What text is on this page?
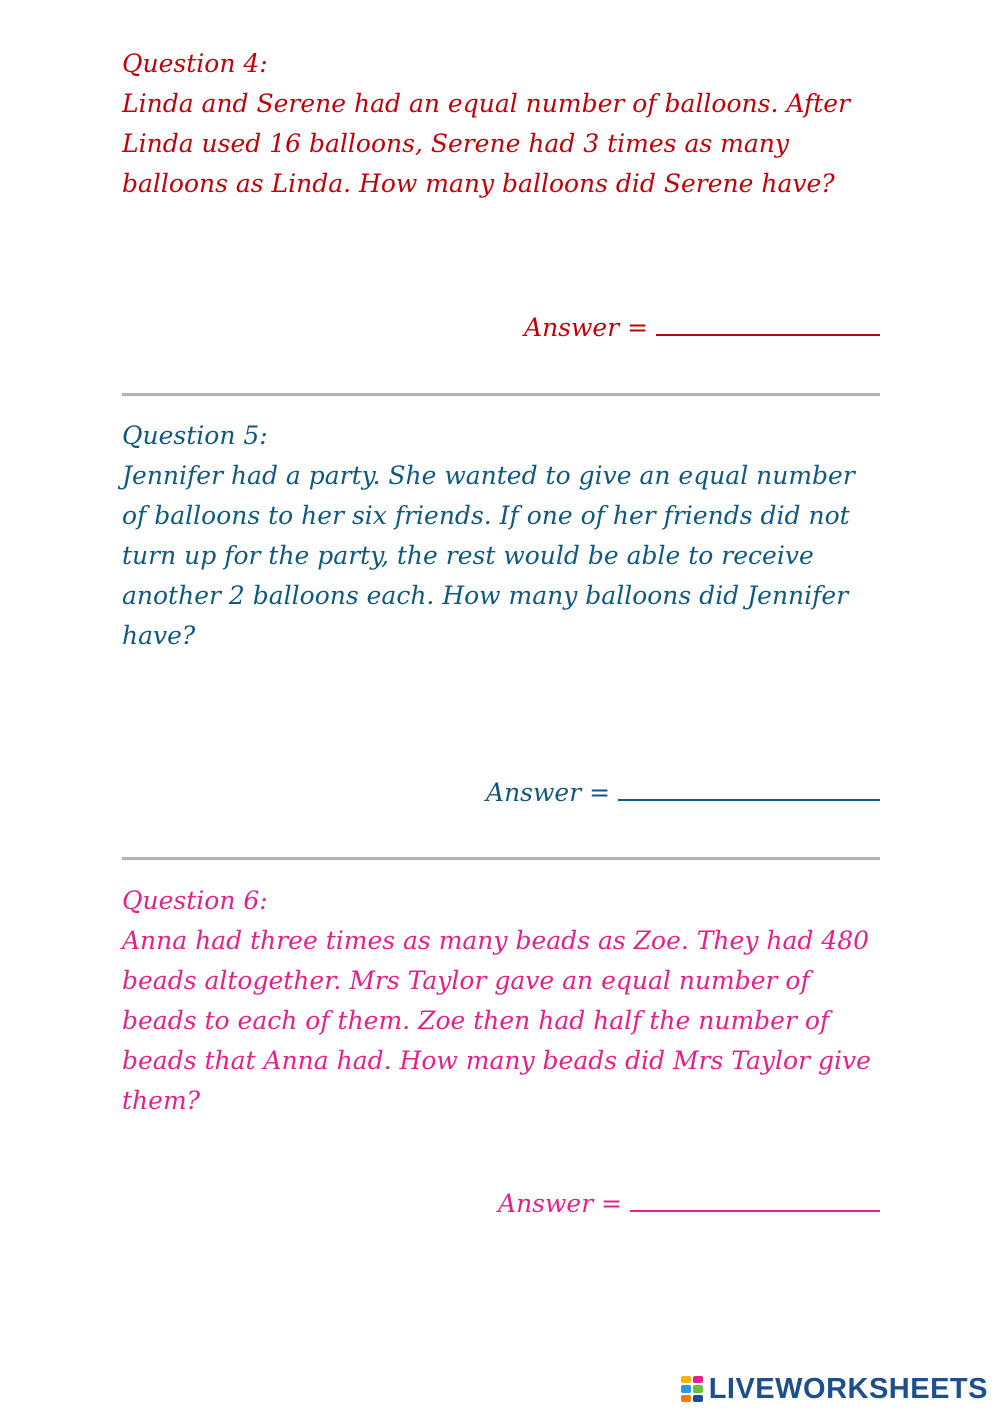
Question 4:

Linda and Serene had an equal number of balloons. After Linda used 16 balloons, Serene had 3 times as many balloons as Linda. How many balloons did Serene have?

Answer =

Question 5:

Jennifer had a party. She wanted to give an equal number of balloons to her six friends. If one of her friends did not turn up for the party, the rest would be able to receive another 2 balloons each. How many balloons did Jennifer have?

Answer =

Question 6:

Anna had three times as many beads as Zoe. They had 480 beads altogether. Mrs Taylor gave an equal number of beads to each of them. Zoe then had half the number of beads that Anna had. How many beads did Mrs Taylor give them?

Answer =

LIVEWORKSHEETS
